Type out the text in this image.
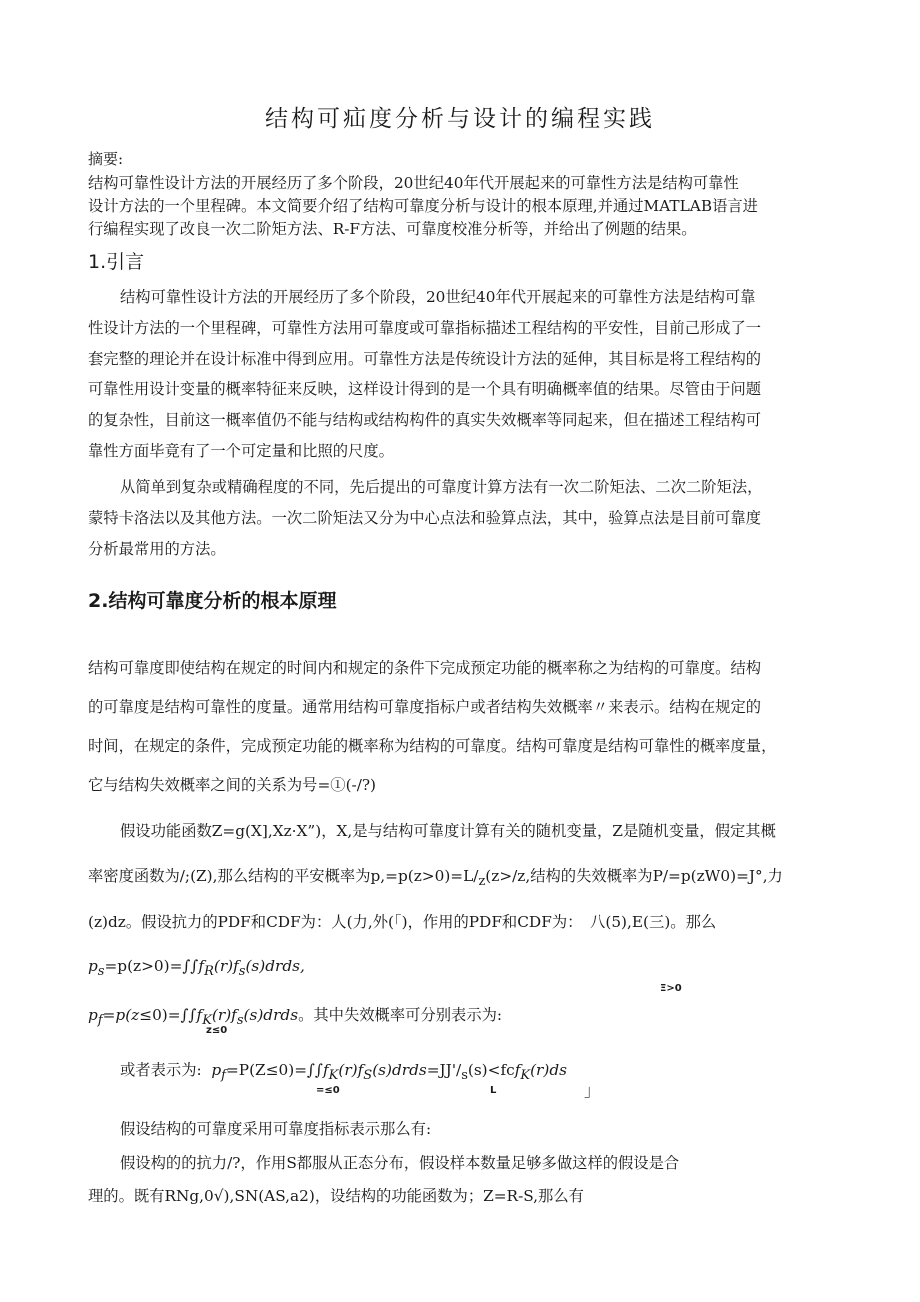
结构可疝度分析与设计的编程实践
摘要:
结构可靠性设计方法的开展经历了多个阶段，20世纪40年代开展起来的可靠性方法是结构可靠性
设计方法的一个里程碑。本文简要介绍了结构可靠度分析与设计的根本原理,并通过MATLAB语言进
行编程实现了改良一次二阶矩方法、R-F方法、可靠度校准分析等，并给出了例题的结果。
1.引言
结构可靠性设计方法的开展经历了多个阶段，20世纪40年代开展起来的可靠性方法是结构可靠
性设计方法的一个里程碑，可靠性方法用可靠度或可靠指标描述工程结构的平安性，目前己形成了一
套完整的理论并在设计标准中得到应用。可靠性方法是传统设计方法的延伸，其目标是将工程结构的
可靠性用设计变量的概率特征来反映，这样设计得到的是一个具有明确概率值的结果。尽管由于问题
的复杂性，目前这一概率值仍不能与结构或结构构件的真实失效概率等同起来，但在描述工程结构可
靠性方面毕竟有了一个可定量和比照的尺度。
从简单到复杂或精确程度的不同，先后提出的可靠度计算方法有一次二阶矩法、二次二阶矩法，
蒙特卡洛法以及其他方法。一次二阶矩法又分为中心点法和验算点法，其中，验算点法是目前可靠度
分析最常用的方法。
2.结构可靠度分析的根本原理
结构可靠度即使结构在规定的时间内和规定的条件下完成预定功能的概率称之为结构的可靠度。结构
的可靠度是结构可靠性的度量。通常用结构可靠度指标户或者结构失效概率〃来表示。结构在规定的
时间，在规定的条件，完成预定功能的概率称为结构的可靠度。结构可靠度是结构可靠性的概率度量，
它与结构失效概率之间的关系为号=①(-/?)
假设功能函数Z=g(X],Xz·X”)，X,是与结构可靠度计算有关的随机变量，Z是随机变量，假定其概
率密度函数为/;(Z),那么结构的平安概率为$p,=p(z>0)=L/_z(z>/z$,结构的失效概率为P/=p(zW0)=J°,力
(z)dz。假设抗力的PDF和CDF为：人(力,外(「)，作用的PDF和CDF为：　八(5),E(三)。那么
$p_s=p(z>0)=\int\int f_R(r)f_s(s)drds$,
Ξ>0
$p_f=p(z\le 0)=\int\int f_K(r)f_s(s)drds$。其中失效概率可分别表示为:
z≤0
或者表示为: $p_f=P(Z\le 0)=\int\int f_K(r)f_S(s)drds=JJ'/_s(s)<fcf_K(r)ds$
=≤0	L	」
假设结构的可靠度采用可靠度指标表示那么有:
假设构的的抗力/?，作用S都服从正态分布，假设样本数量足够多做这样的假设是合
理的。既有RNg,0√),SN(AS,a2)，设结构的功能函数为；Z=R-S,那么有
